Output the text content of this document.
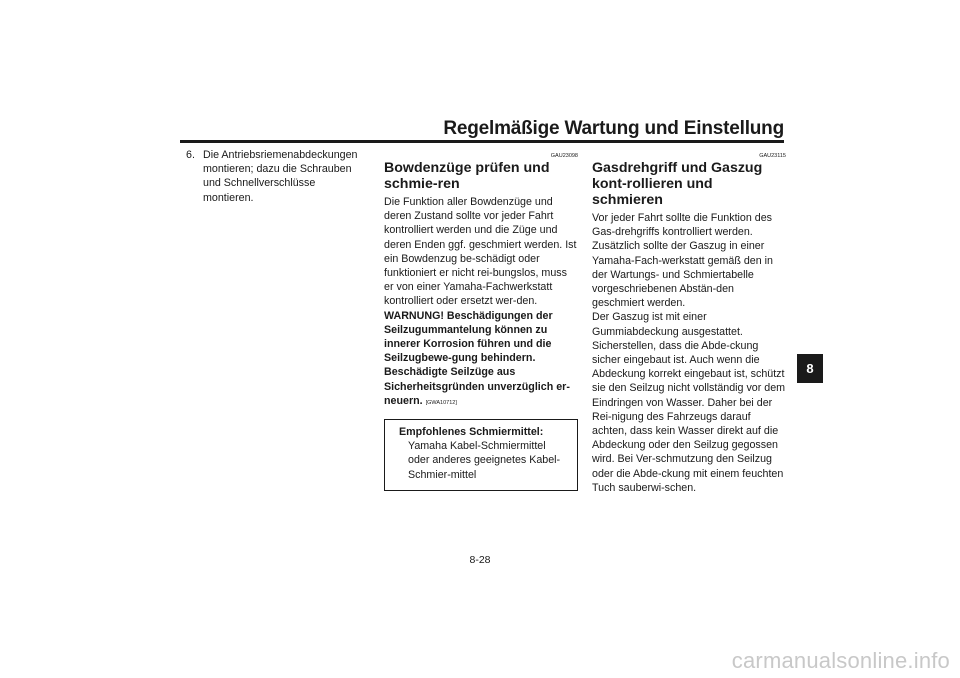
Regelmäßige Wartung und Einstellung
6. Die Antriebsriemenabdeckungen montieren; dazu die Schrauben und Schnellverschlüsse montieren.
GAU23098
Bowdenzüge prüfen und schmie-ren

Die Funktion aller Bowdenzüge und deren Zustand sollte vor jeder Fahrt kontrolliert werden und die Züge und deren Enden ggf. geschmiert werden. Ist ein Bowdenzug be-schädigt oder funktioniert er nicht rei-bungslos, muss er von einer Yamaha-Fachwerkstatt kontrolliert oder ersetzt wer-den. WARNUNG! Beschädigungen der Seilzugummantelung können zu innerer Korrosion führen und die Seilzugbewe-gung behindern. Beschädigte Seilzüge aus Sicherheitsgründen unverzüglich er-neuern. [GWA10712]

Empfohlenes Schmiermittel:
Yamaha Kabel-Schmiermittel oder anderes geeignetes Kabel-Schmier-mittel
GAU23115
Gasdrehgriff und Gaszug kont-rollieren und schmieren

Vor jeder Fahrt sollte die Funktion des Gas-drehgriffs kontrolliert werden. Zusätzlich sollte der Gaszug in einer Yamaha-Fach-werkstatt gemäß den in der Wartungs- und Schmiertabelle vorgeschriebenen Abstän-den geschmiert werden.

Der Gaszug ist mit einer Gummiabdeckung ausgestattet. Sicherstellen, dass die Abde-ckung sicher eingebaut ist. Auch wenn die Abdeckung korrekt eingebaut ist, schützt sie den Seilzug nicht vollständig vor dem Eindringen von Wasser. Daher bei der Rei-nigung des Fahrzeugs darauf achten, dass kein Wasser direkt auf die Abdeckung oder den Seilzug gegossen wird. Bei Ver-schmutzung den Seilzug oder die Abde-ckung mit einem feuchten Tuch sauberwi-schen.

8
8-28
carmanualsonline.info
